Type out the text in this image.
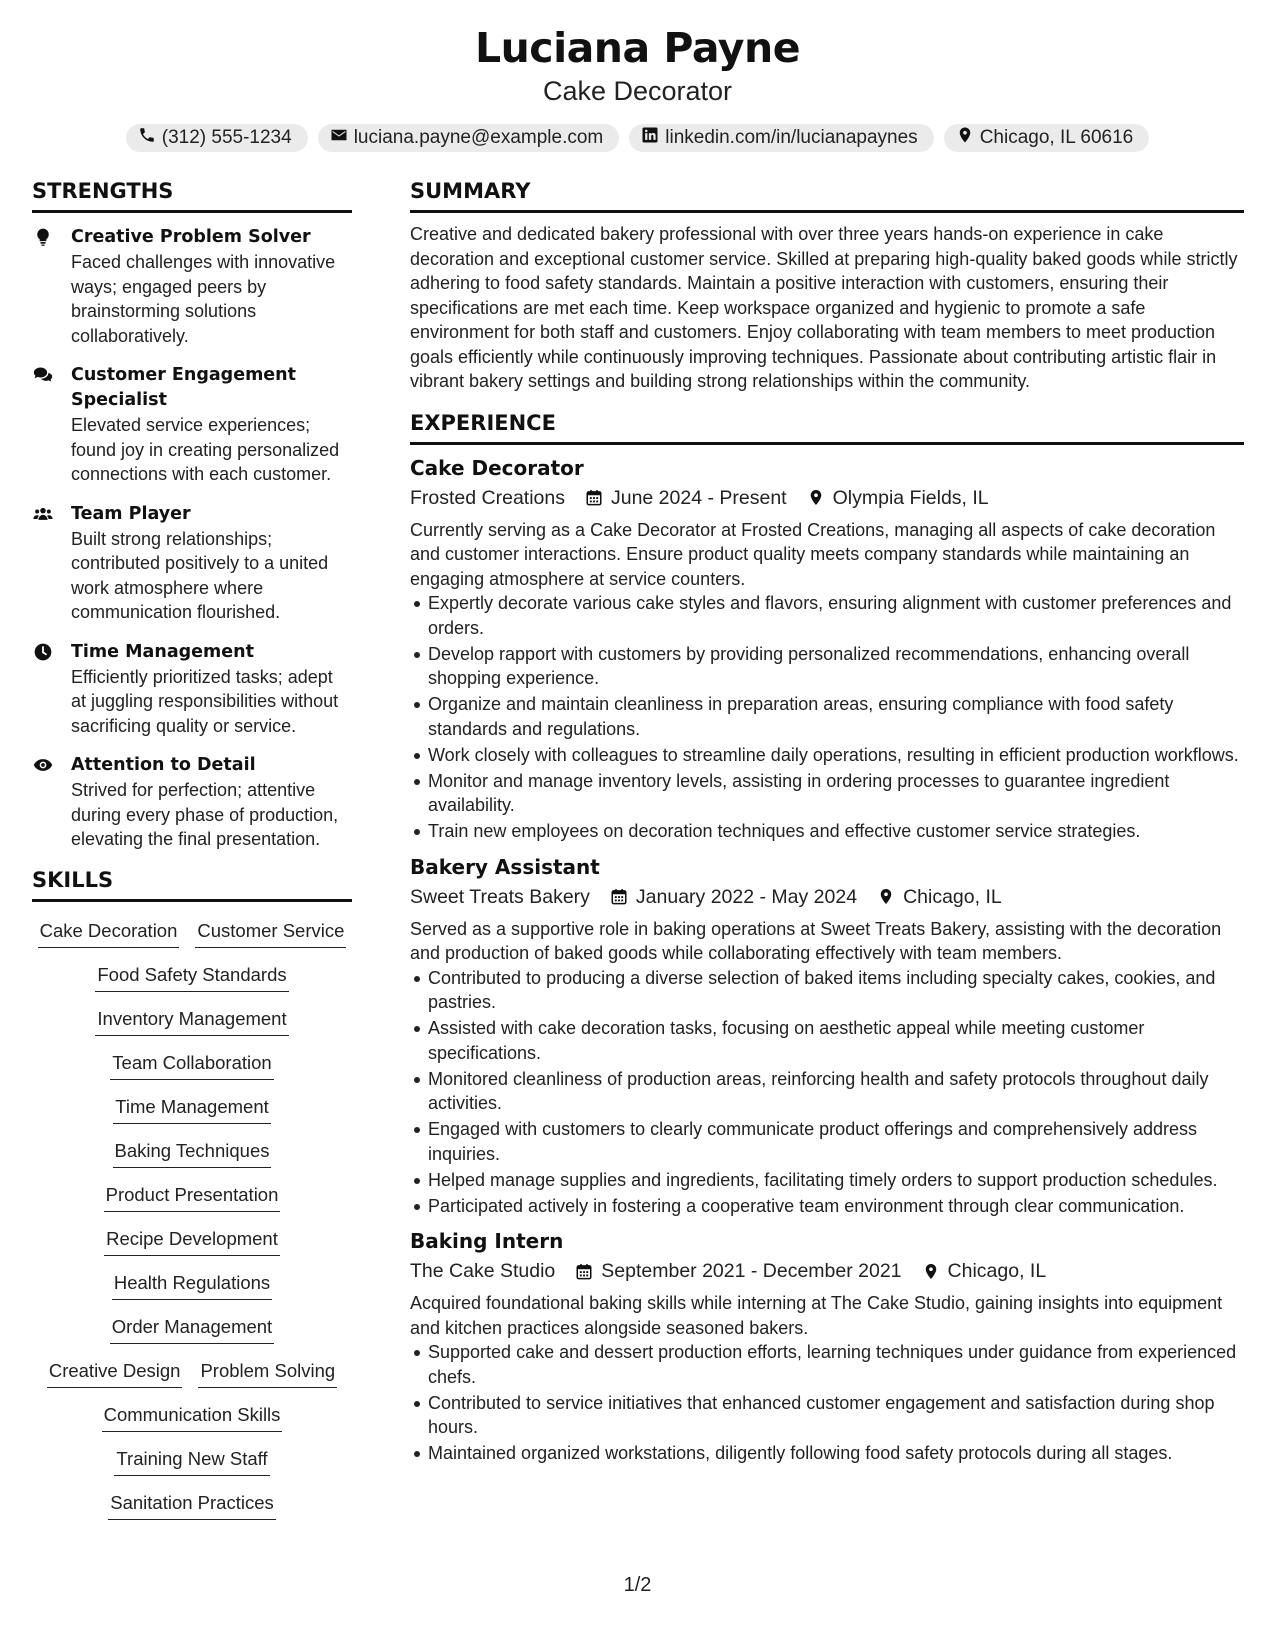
Luciana Payne
Cake Decorator
(312) 555-1234	luciana.payne@example.com	linkedin.com/in/lucianapaynes	Chicago, IL 60616
STRENGTHS
Creative Problem Solver
Faced challenges with innovative ways; engaged peers by brainstorming solutions collaboratively.
Customer Engagement Specialist
Elevated service experiences; found joy in creating personalized connections with each customer.
Team Player
Built strong relationships; contributed positively to a united work atmosphere where communication flourished.
Time Management
Efficiently prioritized tasks; adept at juggling responsibilities without sacrificing quality or service.
Attention to Detail
Strived for perfection; attentive during every phase of production, elevating the final presentation.
SKILLS
Cake Decoration Customer Service
Food Safety Standards
Inventory Management
Team Collaboration
Time Management
Baking Techniques
Product Presentation
Recipe Development
Health Regulations
Order Management
Creative Design Problem Solving
Communication Skills
Training New Staff
Sanitation Practices
SUMMARY
Creative and dedicated bakery professional with over three years hands-on experience in cake decoration and exceptional customer service. Skilled at preparing high-quality baked goods while strictly adhering to food safety standards. Maintain a positive interaction with customers, ensuring their specifications are met each time. Keep workspace organized and hygienic to promote a safe environment for both staff and customers. Enjoy collaborating with team members to meet production goals efficiently while continuously improving techniques. Passionate about contributing artistic flair in vibrant bakery settings and building strong relationships within the community.
EXPERIENCE
Cake Decorator
Frosted Creations June 2024 - Present Olympia Fields, IL
Currently serving as a Cake Decorator at Frosted Creations, managing all aspects of cake decoration and customer interactions. Ensure product quality meets company standards while maintaining an engaging atmosphere at service counters.
Expertly decorate various cake styles and flavors, ensuring alignment with customer preferences and orders.
Develop rapport with customers by providing personalized recommendations, enhancing overall shopping experience.
Organize and maintain cleanliness in preparation areas, ensuring compliance with food safety standards and regulations.
Work closely with colleagues to streamline daily operations, resulting in efficient production workflows.
Monitor and manage inventory levels, assisting in ordering processes to guarantee ingredient availability.
Train new employees on decoration techniques and effective customer service strategies.
Bakery Assistant
Sweet Treats Bakery January 2022 - May 2024 Chicago, IL
Served as a supportive role in baking operations at Sweet Treats Bakery, assisting with the decoration and production of baked goods while collaborating effectively with team members.
Contributed to producing a diverse selection of baked items including specialty cakes, cookies, and pastries.
Assisted with cake decoration tasks, focusing on aesthetic appeal while meeting customer specifications.
Monitored cleanliness of production areas, reinforcing health and safety protocols throughout daily activities.
Engaged with customers to clearly communicate product offerings and comprehensively address inquiries.
Helped manage supplies and ingredients, facilitating timely orders to support production schedules.
Participated actively in fostering a cooperative team environment through clear communication.
Baking Intern
The Cake Studio September 2021 - December 2021 Chicago, IL
Acquired foundational baking skills while interning at The Cake Studio, gaining insights into equipment and kitchen practices alongside seasoned bakers.
Supported cake and dessert production efforts, learning techniques under guidance from experienced chefs.
Contributed to service initiatives that enhanced customer engagement and satisfaction during shop hours.
Maintained organized workstations, diligently following food safety protocols during all stages.
1/2
